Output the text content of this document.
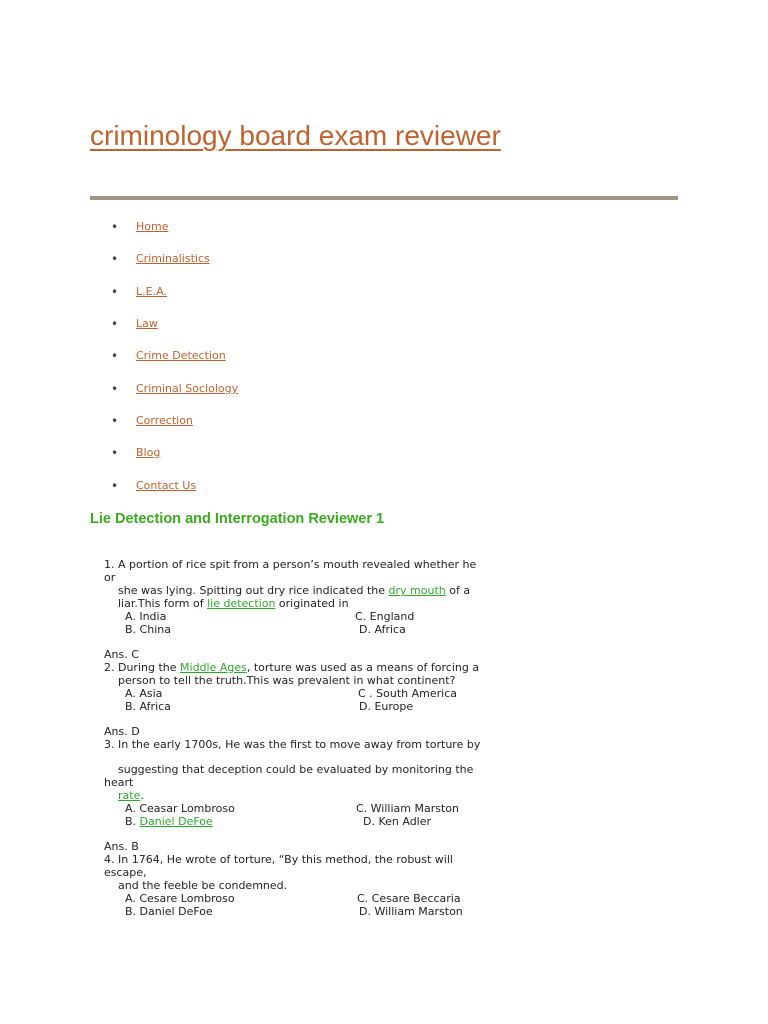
criminology board exam reviewer
• Home
• Criminalistics
• L.E.A.
• Law
• Crime Detection
• Criminal Sociology
• Correction
• Blog
• Contact Us
Lie Detection and Interrogation Reviewer 1
1. A portion of rice spit from a person’s mouth revealed whether he
or
she was lying. Spitting out dry rice indicated the dry mouth of a
liar.This form of lie detection originated in
A. India	C. England
B. China	D. Africa
Ans. C
2. During the Middle Ages, torture was used as a means of forcing a
person to tell the truth.This was prevalent in what continent?
A. Asia	C . South America
B. Africa	D. Europe
Ans. D
3. In the early 1700s, He was the first to move away from torture by
suggesting that deception could be evaluated by monitoring the
heart
rate.
A. Ceasar Lombroso	C. William Marston
B. Daniel DeFoe	D. Ken Adler
Ans. B
4. In 1764, He wrote of torture, “By this method, the robust will
escape,
and the feeble be condemned.
A. Cesare Lombroso	C. Cesare Beccaria
B. Daniel DeFoe	D. William Marston
